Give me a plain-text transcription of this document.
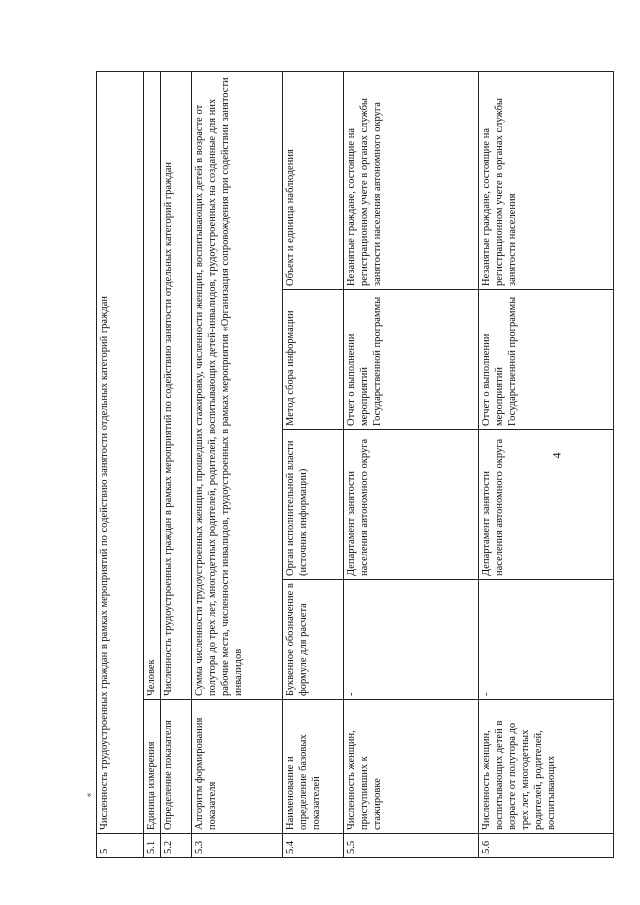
4
«
5	Численность трудоустроенных граждан в рамках мероприятий по содействию занятости отдельных категорий граждан				
5.1	Единица измерения	Человек			
5.2	Определение показателя	Численность трудоустроенных граждан в рамках мероприятий по содействию занятости отдельных категорий граждан			
5.3	Алгоритм формирования показателя	Сумма численности трудоустроенных женщин, прошедших стажировку, численности женщин, воспитывающих детей в возрасте от полутора до трех лет, многодетных родителей, родителей, воспитывающих детей-инвалидов, трудоустроенных на созданные для них рабочие места, численности инвалидов, трудоустроенных в рамках мероприятия «Организация сопровождения при содействии занятости инвалидов			
5.4	Наименование и определение базовых показателей	Буквенное обозначение в формуле для расчета	Орган исполнительной власти (источник информации)	Метод сбора информации	Объект и единица наблюдения
5.5	Численность женщин, приступивших к стажировке	-	Департамент занятости населения автономного округа	Отчет о выполнении мероприятий Государственной программы	Незанятые граждане, состоящие на регистрационном учете в органах службы занятости населения автономного округа
5.6	Численность женщин, воспитывающих детей в возрасте от полутора до трех лет, многодетных родителей, родителей, воспитывающих	-	Департамент занятости населения автономного округа	Отчет о выполнении мероприятий Государственной программы	Незанятые граждане, состоящие на регистрационном учете в органах службы занятости населения
